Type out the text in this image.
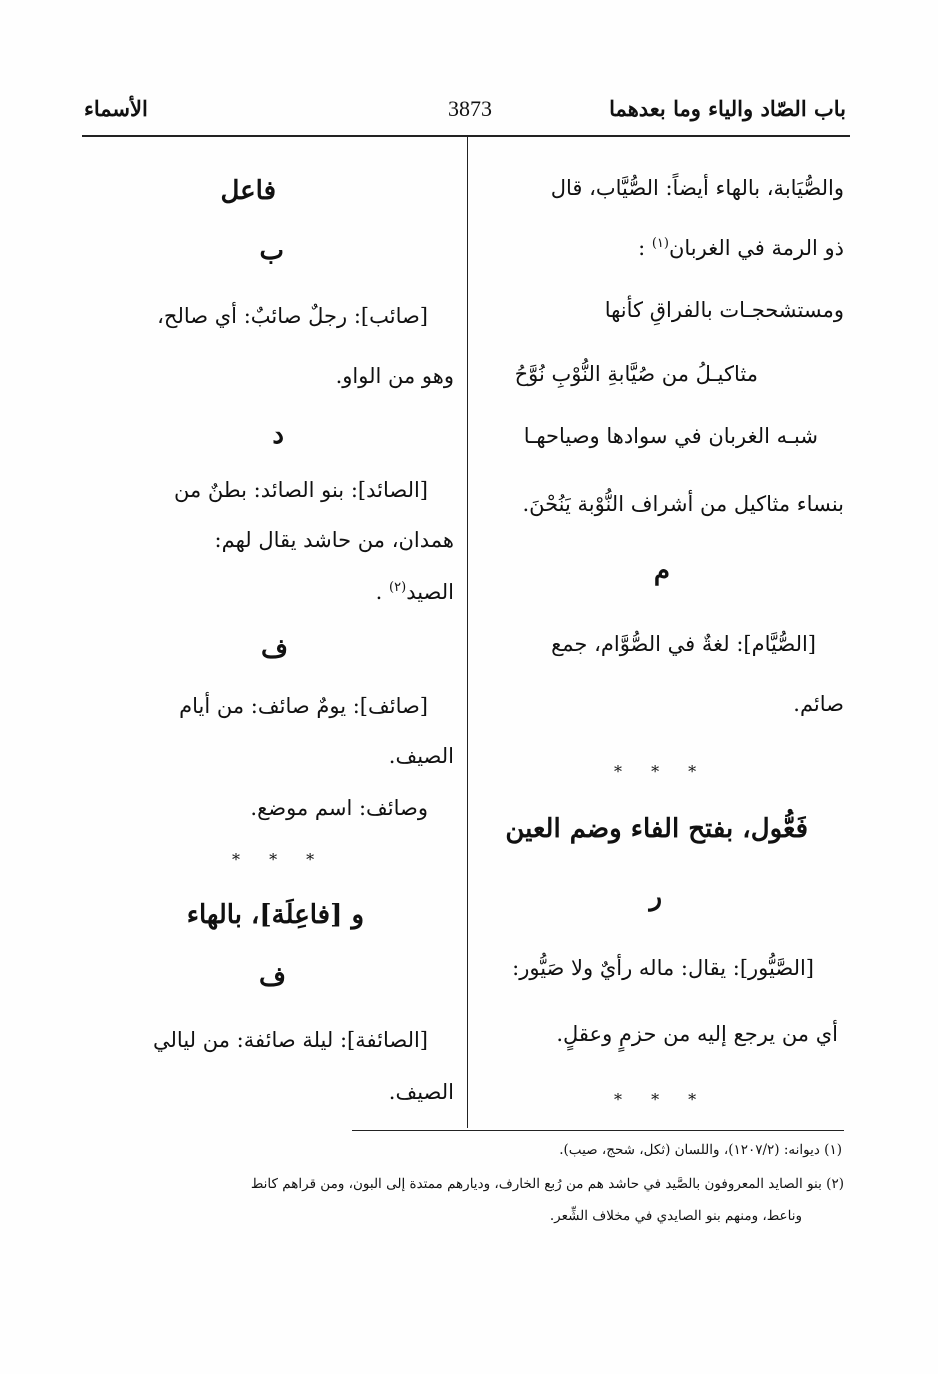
باب الصّاد والياء وما بعدهما
3873
الأسماء
والصُّيَابة، بالهاء أيضاً: الصُّيَّاب، قال
ذو الرمة في الغربان$^{(١)}$ :
ومستشحجـات بالفراقِ كأنها
مثاكيـلُ من صُيَّابةِ النُّوْبِ نُوَّحُ
شبـه الغربان في سوادها وصياحهـا
بنساء مثاكيل من أشراف النُّوْبة يَنُحْنَ.
م
[الصُّيَّام]: لغةٌ في الصُّوَّام، جمع
صائم.
* * *
فَعُّول، بفتح الفاء وضم العين
ر
[الصَّيُّور]: يقال: ماله رأيٌ ولا صَيُّور:
أي من يرجع إليه من حزمٍ وعقلٍ.
* * *
فاعل
ب
[صائب]: رجلٌ صائبٌ: أي صالح،
وهو من الواو.
د
[الصائد]: بنو الصائد: بطنٌ من
همدان، من حاشد يقال لهم:
الصيد$^{(٢)}$ .
ف
[صائف]: يومٌ صائف: من أيام
الصيف.
وصائف: اسم موضع.
* * *
و [فاعِلَة]، بالهاء
ف
[الصائفة]: ليلة صائفة: من ليالي
الصيف.
(١) ديوانه: (١٢٠٧/٢)، واللسان (ثكل، شحج، صيب).
(٢) بنو الصايد المعروفون بالصَّيد في حاشد هم من رُبع الخارف، وديارهم ممتدة إلى البون، ومن قراهم كانط
وناعط، ومنهم بنو الصايدي في مخلاف الشِّعر.
